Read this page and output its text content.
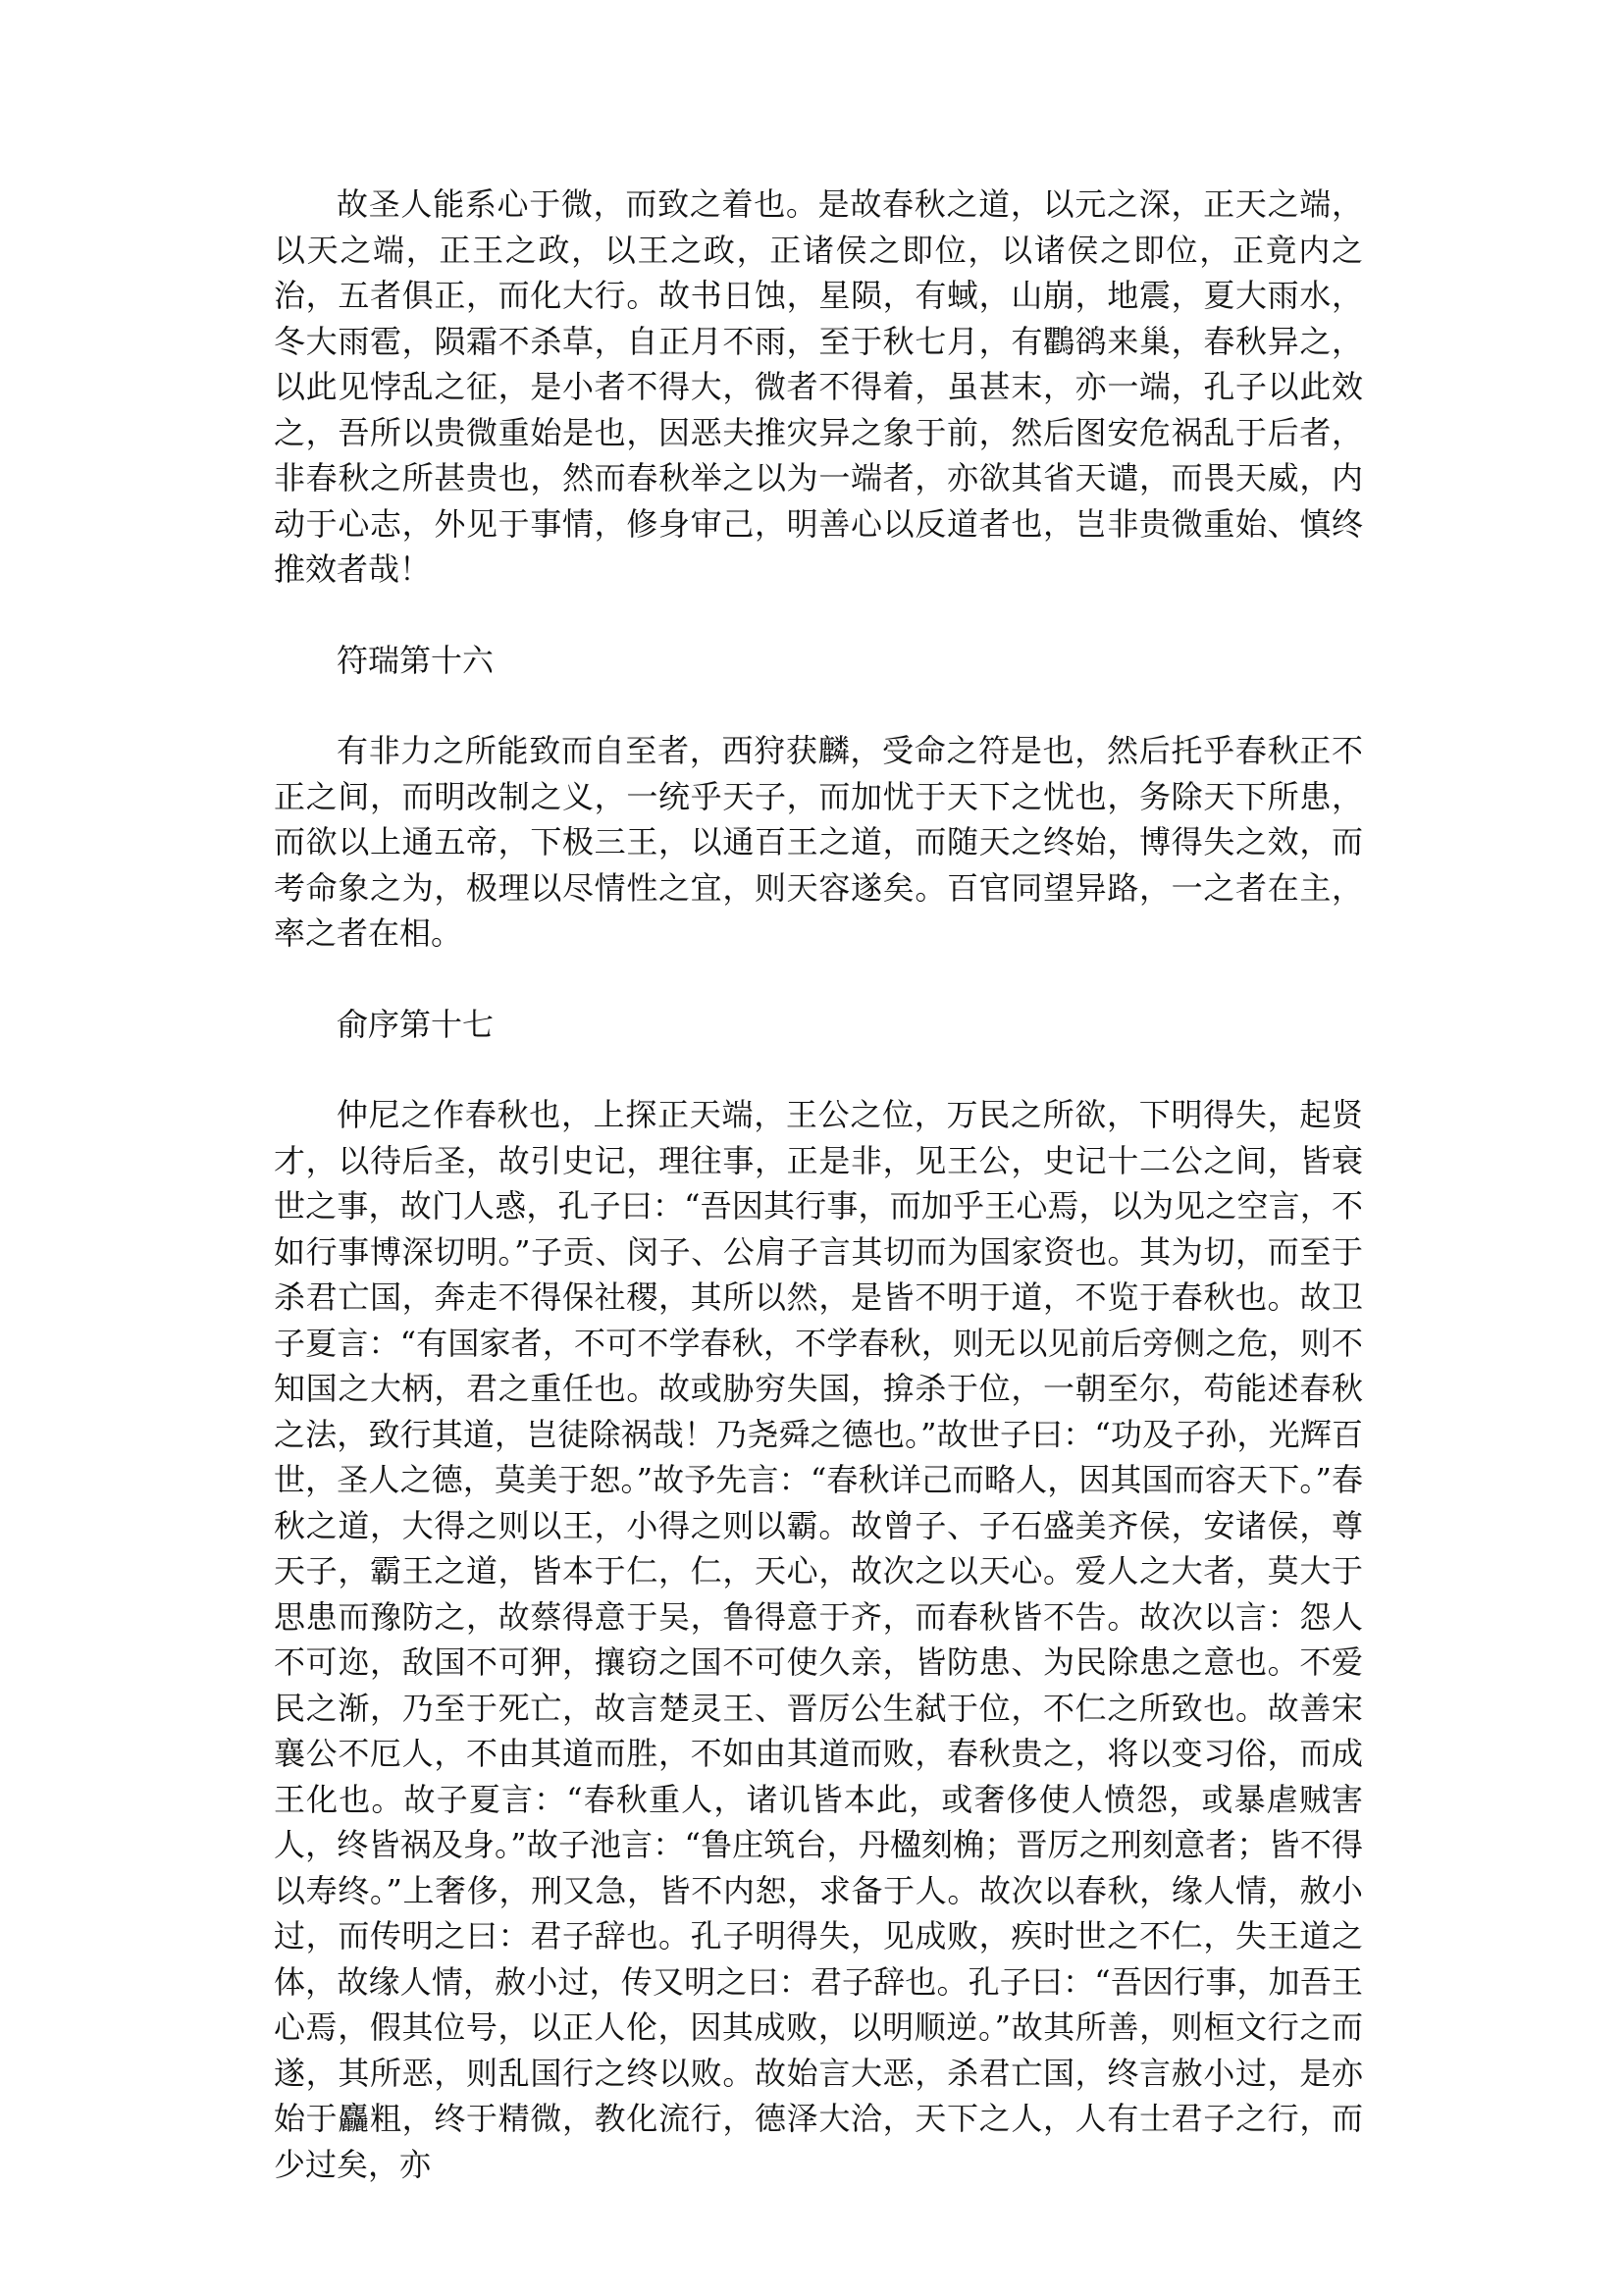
故圣人能系心于微，而致之着也。是故春秋之道，以元之深，正天之端，以天之端，正王之政，以王之政，正诸侯之即位，以诸侯之即位，正竟内之治，五者俱正，而化大行。故书日蚀，星陨，有蜮，山崩，地震，夏大雨水，冬大雨雹，陨霜不杀草，自正月不雨，至于秋七月，有鸜鹆来巢，春秋异之，以此见悖乱之征，是小者不得大，微者不得着，虽甚末，亦一端，孔子以此效之，吾所以贵微重始是也，因恶夫推灾异之象于前，然后图安危祸乱于后者，非春秋之所甚贵也，然而春秋举之以为一端者，亦欲其省天谴，而畏天威，内动于心志，外见于事情，修身审己，明善心以反道者也，岂非贵微重始、慎终推效者哉！

符瑞第十六

有非力之所能致而自至者，西狩获麟，受命之符是也，然后托乎春秋正不正之间，而明改制之义，一统乎天子，而加忧于天下之忧也，务除天下所患，而欲以上通五帝，下极三王，以通百王之道，而随天之终始，博得失之效，而考命象之为，极理以尽情性之宜，则天容遂矣。百官同望异路，一之者在主，率之者在相。

俞序第十七

仲尼之作春秋也，上探正天端，王公之位，万民之所欲，下明得失，起贤才，以待后圣，故引史记，理往事，正是非，见王公，史记十二公之间，皆衰世之事，故门人惑，孔子曰：“吾因其行事，而加乎王心焉，以为见之空言，不如行事博深切明。”子贡、闵子、公肩子言其切而为国家资也。其为切，而至于杀君亡国，奔走不得保社稷，其所以然，是皆不明于道，不览于春秋也。故卫子夏言：“有国家者，不可不学春秋，不学春秋，则无以见前后旁侧之危，则不知国之大柄，君之重任也。故或胁穷失国，揜杀于位，一朝至尔，苟能述春秋之法，致行其道，岂徒除祸哉！乃尧舜之德也。”故世子曰：“功及子孙，光辉百世，圣人之德，莫美于恕。”故予先言：“春秋详己而略人，因其国而容天下。”春秋之道，大得之则以王，小得之则以霸。故曾子、子石盛美齐侯，安诸侯，尊天子，霸王之道，皆本于仁，仁，天心，故次之以天心。爱人之大者，莫大于思患而豫防之，故蔡得意于吴，鲁得意于齐，而春秋皆不告。故次以言：怨人不可迩，敌国不可狎，攘窃之国不可使久亲，皆防患、为民除患之意也。不爱民之渐，乃至于死亡，故言楚灵王、晋厉公生弑于位，不仁之所致也。故善宋襄公不厄人，不由其道而胜，不如由其道而败，春秋贵之，将以变习俗，而成王化也。故子夏言：“春秋重人，诸讥皆本此，或奢侈使人愤怨，或暴虐贼害人，终皆祸及身。”故子池言：“鲁庄筑台，丹楹刻桷；晋厉之刑刻意者；皆不得以寿终。”上奢侈，刑又急，皆不内恕，求备于人。故次以春秋，缘人情，赦小过，而传明之曰：君子辞也。孔子明得失，见成败，疾时世之不仁，失王道之体，故缘人情，赦小过，传又明之曰：君子辞也。孔子曰：“吾因行事，加吾王心焉，假其位号，以正人伦，因其成败，以明顺逆。”故其所善，则桓文行之而遂，其所恶，则乱国行之终以败。故始言大恶，杀君亡国，终言赦小过，是亦始于麤粗，终于精微，教化流行，德泽大洽，天下之人，人有士君子之行，而少过矣，亦
